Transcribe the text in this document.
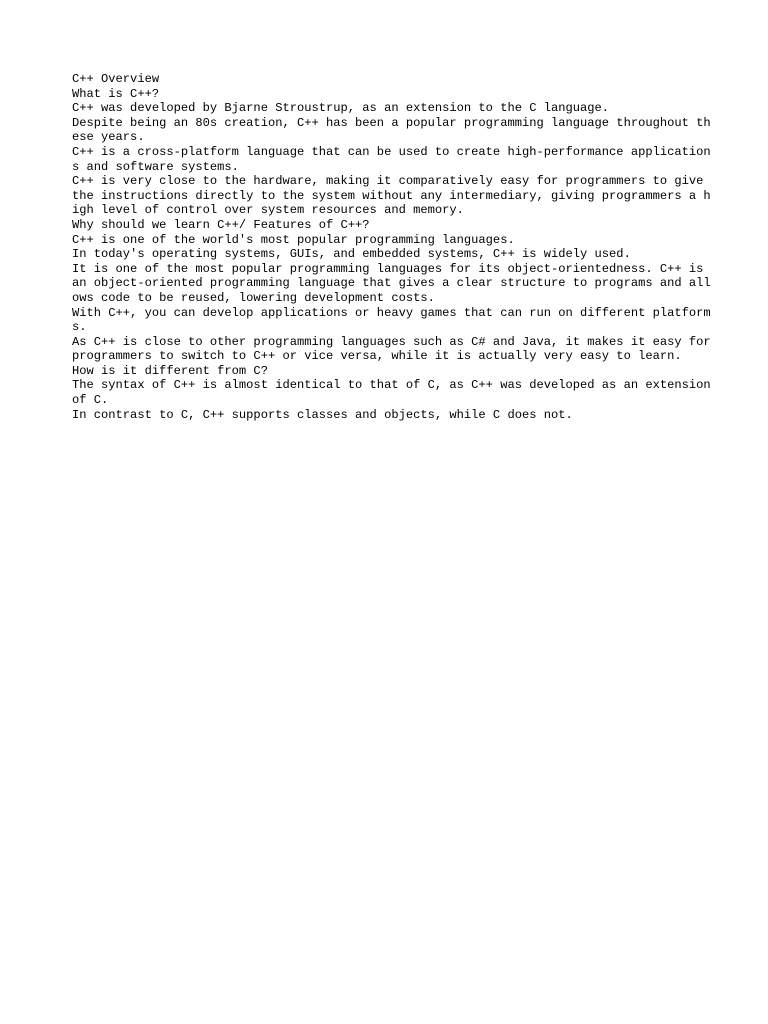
C++ Overview
What is C++?
C++ was developed by Bjarne Stroustrup, as an extension to the C language.
Despite being an 80s creation, C++ has been a popular programming language throughout these years.
C++ is a cross-platform language that can be used to create high-performance applications and software systems.
C++ is very close to the hardware, making it comparatively easy for programmers to give the instructions directly to the system without any intermediary, giving programmers a high level of control over system resources and memory.
Why should we learn C++/ Features of C++?
C++ is one of the world's most popular programming languages.
In today's operating systems, GUIs, and embedded systems, C++ is widely used.
It is one of the most popular programming languages for its object-orientedness. C++ is an object-oriented programming language that gives a clear structure to programs and allows code to be reused, lowering development costs.
With C++, you can develop applications or heavy games that can run on different platforms.
As C++ is close to other programming languages such as C# and Java, it makes it easy for programmers to switch to C++ or vice versa, while it is actually very easy to learn.
How is it different from C?
The syntax of C++ is almost identical to that of C, as C++ was developed as an extension of C.
In contrast to C, C++ supports classes and objects, while C does not.
